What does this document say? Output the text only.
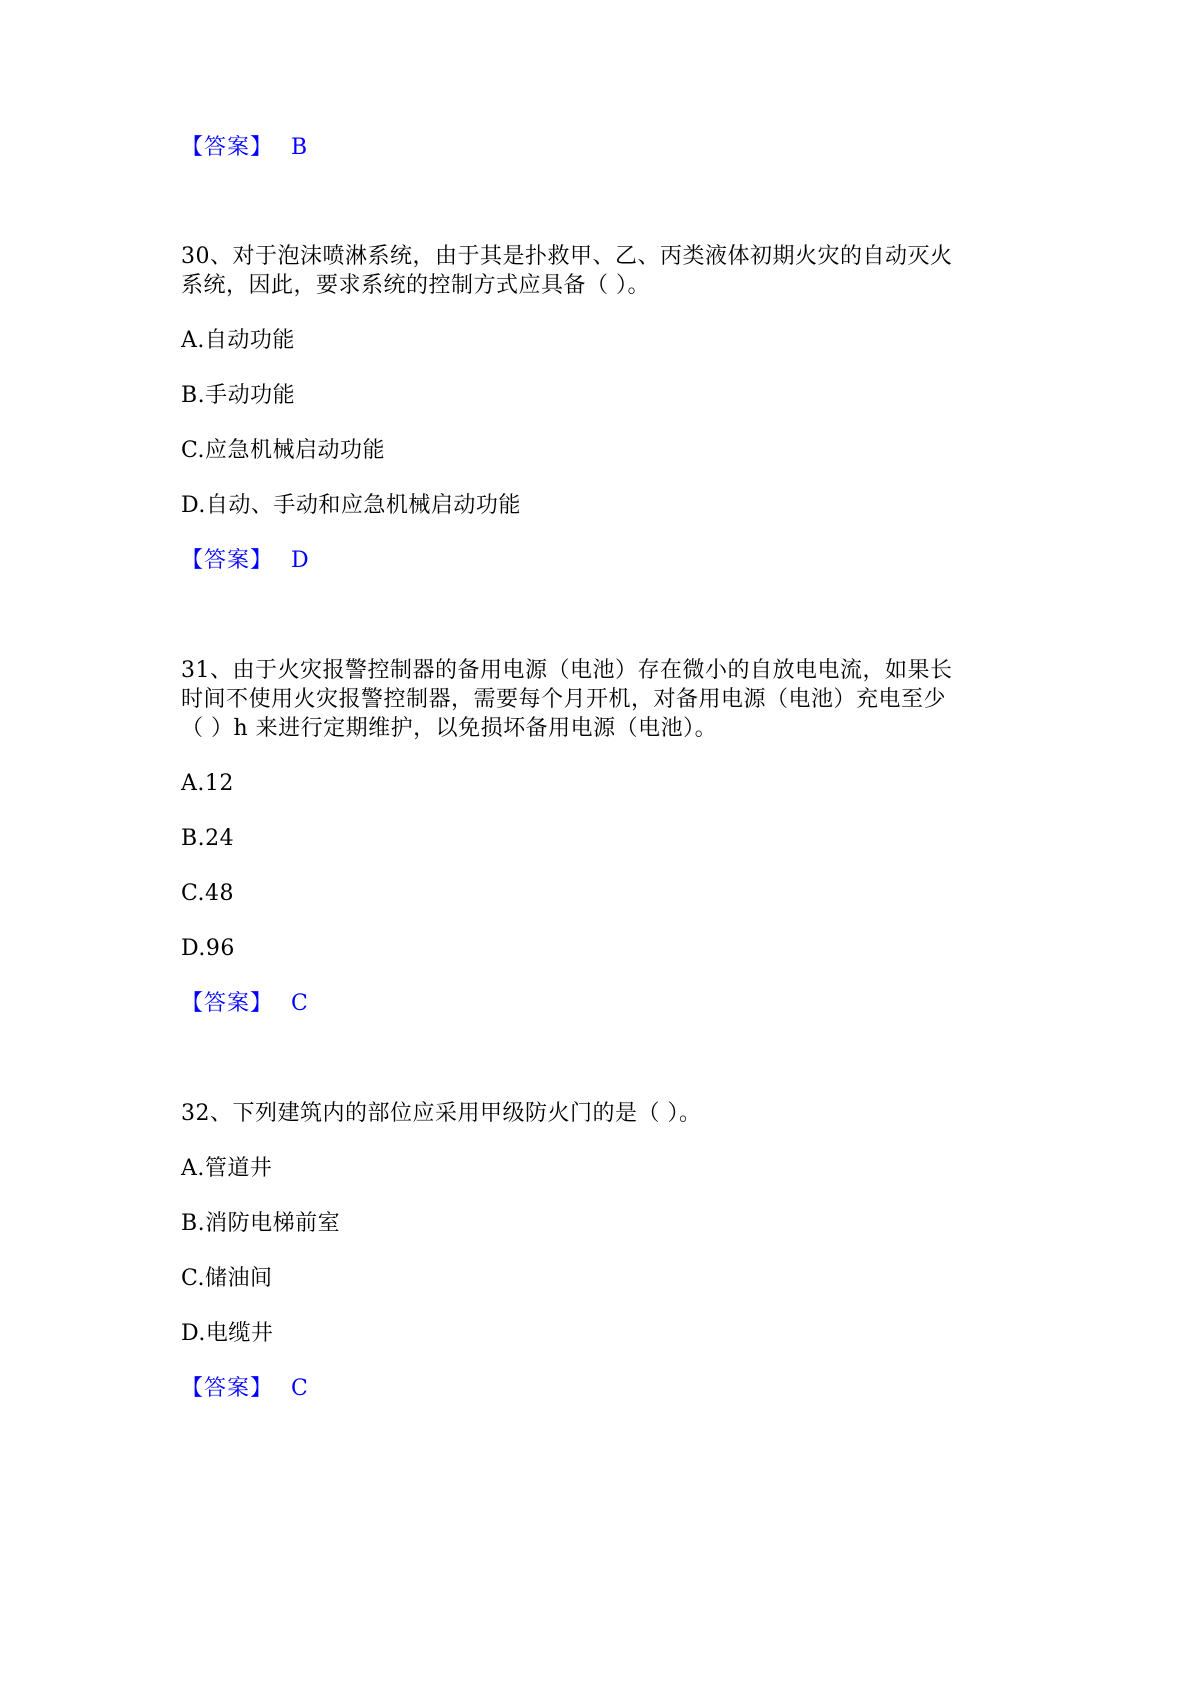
【答案】 B
30、对于泡沫喷淋系统，由于其是扑救甲、乙、丙类液体初期火灾的自动灭火
系统，因此，要求系统的控制方式应具备（ ）。
A.自动功能
B.手动功能
C.应急机械启动功能
D.自动、手动和应急机械启动功能
【答案】 D
31、由于火灾报警控制器的备用电源（电池）存在微小的自放电电流，如果长
时间不使用火灾报警控制器，需要每个月开机，对备用电源（电池）充电至少
（ ）h 来进行定期维护，以免损坏备用电源（电池）。
A.12
B.24
C.48
D.96
【答案】 C
32、下列建筑内的部位应采用甲级防火门的是（ ）。
A.管道井
B.消防电梯前室
C.储油间
D.电缆井
【答案】 C
